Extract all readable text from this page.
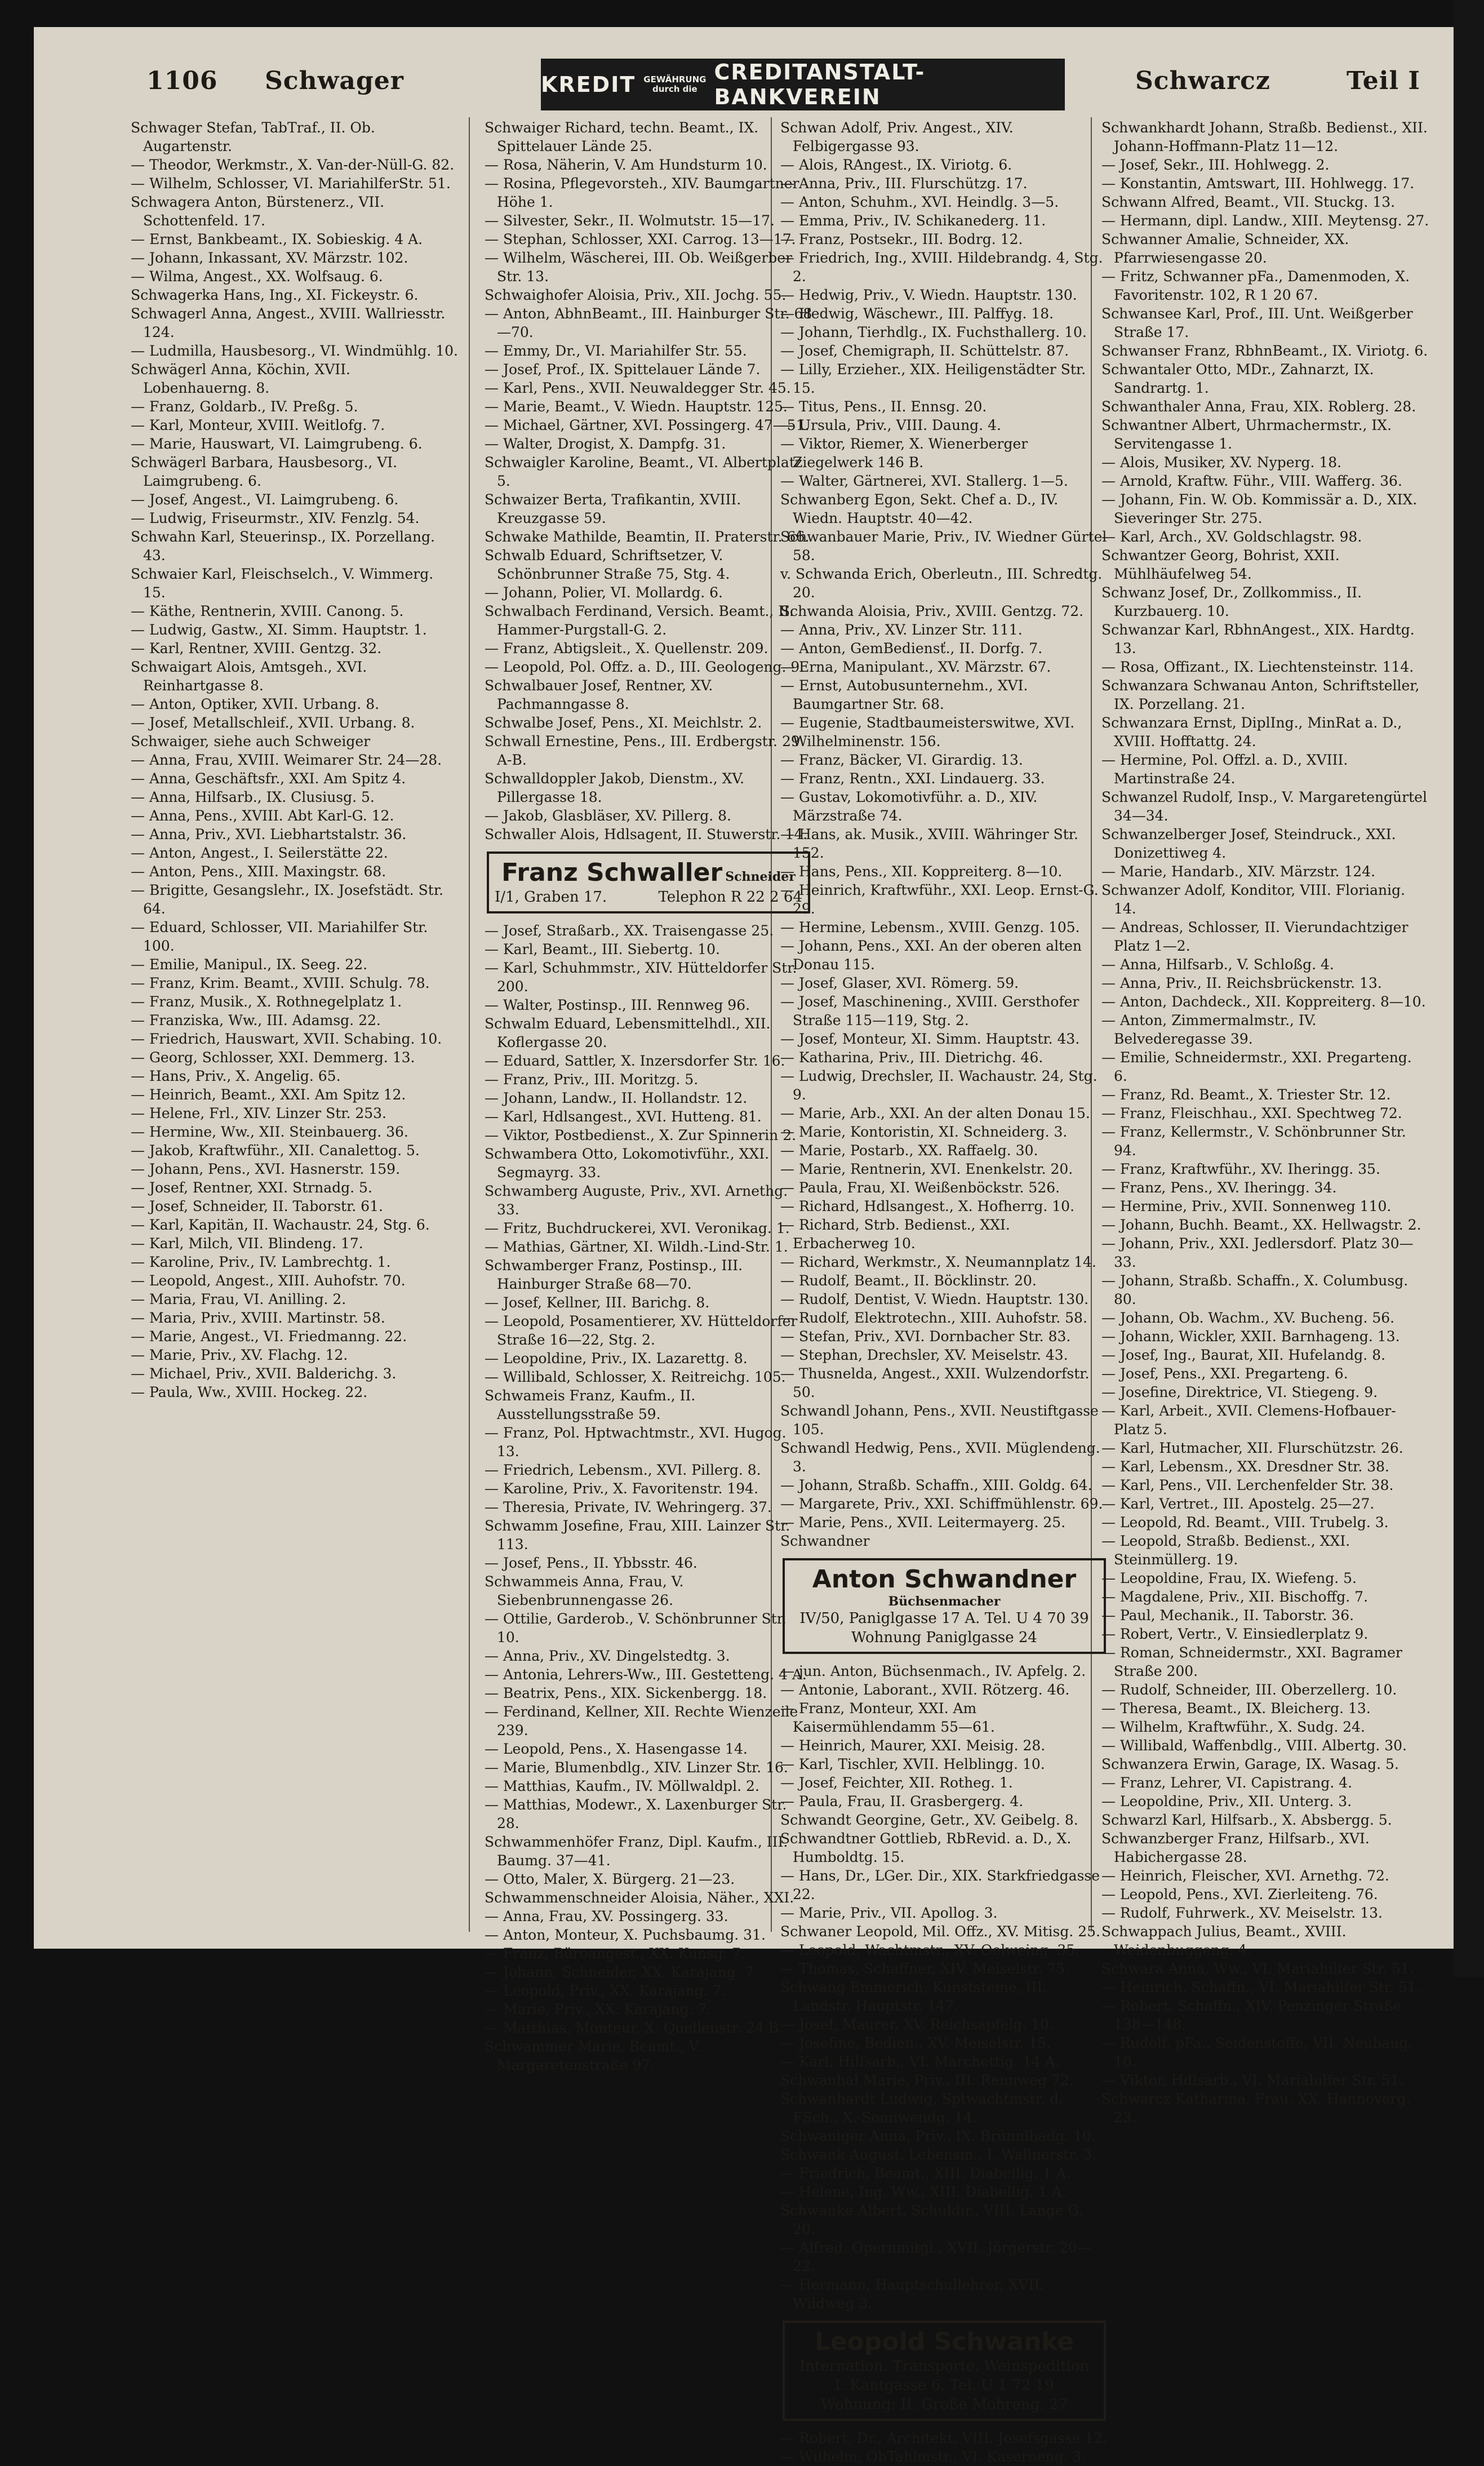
1106 Schwager	KREDIT GEWÄHRUNG
durch die
CREDITANSTALT-BANKVEREIN
Schwarcz	Teil I

Schwager Stefan, TabTraf., II. Ob. Augartenstr.

— Theodor, Werkmstr., X. Van-der-Nüll-G. 82.

— Wilhelm, Schlosser, VI. MariahilferStr. 51.

Schwagera Anton, Bürstenerz., VII. Schottenfeld. 17.

— Ernst, Bankbeamt., IX. Sobieskig. 4 A.

— Johann, Inkassant, XV. Märzstr. 102.

— Wilma, Angest., XX. Wolfsaug. 6.

Schwagerka Hans, Ing., XI. Fickeystr. 6.

Schwagerl Anna, Angest., XVIII. Wallriesstr. 124.

— Ludmilla, Hausbesorg., VI. Windmühlg. 10.

Schwägerl Anna, Köchin, XVII. Lobenhauerng. 8.

— Franz, Goldarb., IV. Preßg. 5.

— Karl, Monteur, XVIII. Weitlofg. 7.

— Marie, Hauswart, VI. Laimgrubeng. 6.

Schwägerl Barbara, Hausbesorg., VI. Laimgrubeng. 6.

— Josef, Angest., VI. Laimgrubeng. 6.

— Ludwig, Friseurmstr., XIV. Fenzlg. 54.

Schwahn Karl, Steuerinsp., IX. Porzellang. 43.

Schwaier Karl, Fleischselch., V. Wimmerg. 15.

— Käthe, Rentnerin, XVIII. Canong. 5.

— Ludwig, Gastw., XI. Simm. Hauptstr. 1.

— Karl, Rentner, XVIII. Gentzg. 32.

Schwaigart Alois, Amtsgeh., XVI. Reinhartgasse 8.

— Anton, Optiker, XVII. Urbang. 8.

— Josef, Metallschleif., XVII. Urbang. 8.

Schwaiger, siehe auch Schweiger

— Anna, Frau, XVIII. Weimarer Str. 24—28.

— Anna, Geschäftsfr., XXI. Am Spitz 4.

— Anna, Hilfsarb., IX. Clusiusg. 5.

— Anna, Pens., XVIII. Abt Karl-G. 12.

— Anna, Priv., XVI. Liebhartstalstr. 36.

— Anton, Angest., I. Seilerstätte 22.

— Anton, Pens., XIII. Maxingstr. 68.

— Brigitte, Gesangslehr., IX. Josefstädt. Str. 64.

— Eduard, Schlosser, VII. Mariahilfer Str. 100.

— Emilie, Manipul., IX. Seeg. 22.

— Franz, Krim. Beamt., XVIII. Schulg. 78.

— Franz, Musik., X. Rothnegelplatz 1.

— Franziska, Ww., III. Adamsg. 22.

— Friedrich, Hauswart, XVII. Schabing. 10.

— Georg, Schlosser, XXI. Demmerg. 13.

— Hans, Priv., X. Angelig. 65.

— Heinrich, Beamt., XXI. Am Spitz 12.

— Helene, Frl., XIV. Linzer Str. 253.

— Hermine, Ww., XII. Steinbauerg. 36.

— Jakob, Kraftwführ., XII. Canalettog. 5.

— Johann, Pens., XVI. Hasnerstr. 159.

— Josef, Rentner, XXI. Strnadg. 5.

— Josef, Schneider, II. Taborstr. 61.

— Karl, Kapitän, II. Wachaustr. 24, Stg. 6.

— Karl, Milch, VII. Blindeng. 17.

— Karoline, Priv., IV. Lambrechtg. 1.

— Leopold, Angest., XIII. Auhofstr. 70.

— Maria, Frau, VI. Anilling. 2.

— Maria, Priv., XVIII. Martinstr. 58.

— Marie, Angest., VI. Friedmanng. 22.

— Marie, Priv., XV. Flachg. 12.

— Michael, Priv., XVII. Balderichg. 3.

— Paula, Ww., XVIII. Hockeg. 22.

Schwaiger Richard, techn. Beamt., IX. Spittelauer Lände 25.

— Rosa, Näherin, V. Am Hundsturm 10.

— Rosina, Pflegevorsteh., XIV. Baumgartner Höhe 1.

— Silvester, Sekr., II. Wolmutstr. 15—17.

— Stephan, Schlosser, XXI. Carrog. 13—17.

— Wilhelm, Wäscherei, III. Ob. Weißgerber Str. 13.

Schwaighofer Aloisia, Priv., XII. Jochg. 55.

— Anton, AbhnBeamt., III. Hainburger Str. 68—70.

— Emmy, Dr., VI. Mariahilfer Str. 55.

— Josef, Prof., IX. Spittelauer Lände 7.

— Karl, Pens., XVII. Neuwaldegger Str. 45.

— Marie, Beamt., V. Wiedn. Hauptstr. 125.

— Michael, Gärtner, XVI. Possingerg. 47—51.

— Walter, Drogist, X. Dampfg. 31.

Schwaigler Karoline, Beamt., VI. Albertplatz 5.

Schwaizer Berta, Trafikantin, XVIII. Kreuzgasse 59.

Schwake Mathilde, Beamtin, II. Praterstr. 66.

Schwalb Eduard, Schriftsetzer, V. Schönbrunner Straße 75, Stg. 4.

— Johann, Polier, VI. Mollardg. 6.

Schwalbach Ferdinand, Versich. Beamt., II. Hammer-Purgstall-G. 2.

— Franz, Abtigsleit., X. Quellenstr. 209.

— Leopold, Pol. Offz. a. D., III. Geologeng. 9.

Schwalbauer Josef, Rentner, XV. Pachmanngasse 8.

Schwalbe Josef, Pens., XI. Meichlstr. 2.

Schwall Ernestine, Pens., III. Erdbergstr. 29 A-B.

Schwalldoppler Jakob, Dienstm., XV. Pillergasse 18.

— Jakob, Glasbläser, XV. Pillerg. 8.

Schwaller Alois, Hdlsagent, II. Stuwerstr. 14.

Franz Schwaller Schneider
I/1, Graben 17.	Telephon R 22 2 64

— Josef, Straßarb., XX. Traisengasse 25.

— Karl, Beamt., III. Siebertg. 10.

— Karl, Schuhmmstr., XIV. Hütteldorfer Str. 200.

— Walter, Postinsp., III. Rennweg 96.

Schwalm Eduard, Lebensmittelhdl., XII. Koflergasse 20.

— Eduard, Sattler, X. Inzersdorfer Str. 16.

— Franz, Priv., III. Moritzg. 5.

— Johann, Landw., II. Hollandstr. 12.

— Karl, Hdlsangest., XVI. Hutteng. 81.

— Viktor, Postbedienst., X. Zur Spinnerin 2.

Schwambera Otto, Lokomotivführ., XXI. Segmayrg. 33.

Schwamberg Auguste, Priv., XVI. Arnethg. 33.

— Fritz, Buchdruckerei, XVI. Veronikag. 1.

— Mathias, Gärtner, XI. Wildh.-Lind-Str. 1.

Schwamberger Franz, Postinsp., III. Hainburger Straße 68—70.

— Josef, Kellner, III. Barichg. 8.

— Leopold, Posamentierer, XV. Hütteldorfer Straße 16—22, Stg. 2.

— Leopoldine, Priv., IX. Lazarettg. 8.

— Willibald, Schlosser, X. Reitreichg. 105.

Schwameis Franz, Kaufm., II. Ausstellungsstraße 59.

— Franz, Pol. Hptwachtmstr., XVI. Hugog. 13.

— Friedrich, Lebensm., XVI. Pillerg. 8.

— Karoline, Priv., X. Favoritenstr. 194.

— Theresia, Private, IV. Wehringerg. 37.

Schwamm Josefine, Frau, XIII. Lainzer Str. 113.

— Josef, Pens., II. Ybbsstr. 46.

Schwammeis Anna, Frau, V. Siebenbrunnengasse 26.

— Ottilie, Garderob., V. Schönbrunner Str. 10.

— Anna, Priv., XV. Dingelstedtg. 3.

— Antonia, Lehrers-Ww., III. Gestetteng. 4 A.

— Beatrix, Pens., XIX. Sickenbergg. 18.

— Ferdinand, Kellner, XII. Rechte Wienzeile 239.

— Leopold, Pens., X. Hasengasse 14.

— Marie, Blumenbdlg., XIV. Linzer Str. 16.

— Matthias, Kaufm., IV. Möllwaldpl. 2.

— Matthias, Modewr., X. Laxenburger Str. 28.

Schwammenhöfer Franz, Dipl. Kaufm., III. Baumg. 37—41.

— Otto, Maler, X. Bürgerg. 21—23.

Schwammenschneider Aloisia, Näher., XXI.

— Anna, Frau, XV. Possingerg. 33.

— Anton, Monteur, X. Puchsbaumg. 31.

— Franz, Büroangest., XX. Kunsg. 7.

— Johann, Schneider, XX. Karajang. 7.

— Leopold, Priv., XX. Karajang. 7.

— Marie, Priv., XX. Karajang. 7.

— Matthias, Monteur, X. Quellenstr. 24 B.

Schwammer Marie, Beamt., V. Margaretenstraße 97.

Schwan Adolf, Priv. Angest., XIV. Felbigergasse 93.

— Alois, RAngest., IX. Viriotg. 6.

— Anna, Priv., III. Flurschützg. 17.

— Anton, Schuhm., XVI. Heindlg. 3—5.

— Emma, Priv., IV. Schikanederg. 11.

— Franz, Postsekr., III. Bodrg. 12.

— Friedrich, Ing., XVIII. Hildebrandg. 4, Stg. 2.

— Hedwig, Priv., V. Wiedn. Hauptstr. 130.

— Hedwig, Wäschewr., III. Palffyg. 18.

— Johann, Tierhdlg., IX. Fuchsthallerg. 10.

— Josef, Chemigraph, II. Schüttelstr. 87.

— Lilly, Erzieher., XIX. Heiligenstädter Str. 15.

— Titus, Pens., II. Ennsg. 20.

— Ursula, Priv., VIII. Daung. 4.

— Viktor, Riemer, X. Wienerberger Ziegelwerk 146 B.

— Walter, Gärtnerei, XVI. Stallerg. 1—5.

Schwanberg Egon, Sekt. Chef a. D., IV. Wiedn. Hauptstr. 40—42.

Schwanbauer Marie, Priv., IV. Wiedner Gürtel 58.

v. Schwanda Erich, Oberleutn., III. Schredtg. 20.

Schwanda Aloisia, Priv., XVIII. Gentzg. 72.

— Anna, Priv., XV. Linzer Str. 111.

— Anton, GemBediensť., II. Dorfg. 7.

— Erna, Manipulant., XV. Märzstr. 67.

— Ernst, Autobusunternehm., XVI. Baumgartner Str. 68.

— Eugenie, Stadtbaumeisterswitwe, XVI. Wilhelminenstr. 156.

— Franz, Bäcker, VI. Girardig. 13.

— Franz, Rentn., XXI. Lindauerg. 33.

— Gustav, Lokomotivführ. a. D., XIV. Märzstraße 74.

— Hans, ak. Musik., XVIII. Währinger Str. 152.

— Hans, Pens., XII. Koppreiterg. 8—10.

— Heinrich, Kraftwführ., XXI. Leop. Ernst-G. 29.

— Hermine, Lebensm., XVIII. Genzg. 105.

— Johann, Pens., XXI. An der oberen alten Donau 115.

— Josef, Glaser, XVI. Römerg. 59.

— Josef, Maschinening., XVIII. Gersthofer Straße 115—119, Stg. 2.

— Josef, Monteur, XI. Simm. Hauptstr. 43.

— Katharina, Priv., III. Dietrichg. 46.

— Ludwig, Drechsler, II. Wachaustr. 24, Stg. 9.

— Marie, Arb., XXI. An der alten Donau 15.

— Marie, Kontoristin, XI. Schneiderg. 3.

— Marie, Postarb., XX. Raffaelg. 30.

— Marie, Rentnerin, XVI. Enenkelstr. 20.

— Paula, Frau, XI. Weißenböckstr. 526.

— Richard, Hdlsangest., X. Hofherrg. 10.

— Richard, Strb. Bedienst., XXI. Erbacherweg 10.

— Richard, Werkmstr., X. Neumannplatz 14.

— Rudolf, Beamt., II. Böcklinstr. 20.

— Rudolf, Dentist, V. Wiedn. Hauptstr. 130.

— Rudolf, Elektrotechn., XIII. Auhofstr. 58.

— Stefan, Priv., XVI. Dornbacher Str. 83.

— Stephan, Drechsler, XV. Meiselstr. 43.

— Thusnelda, Angest., XXII. Wulzendorfstr. 50.

Schwandl Johann, Pens., XVII. Neustiftgasse 105.

Schwandl Hedwig, Pens., XVII. Müglendeng. 3.

— Johann, Straßb. Schaffn., XIII. Goldg. 64.

— Margarete, Priv., XXI. Schiffmühlenstr. 69.

— Marie, Pens., XVII. Leitermayerg. 25.

Schwandner

Anton Schwandner
Büchsenmacher
IV/50, Paniglgasse 17 A. Tel. U 4 70 39
Wohnung Paniglgasse 24

— jun. Anton, Büchsenmach., IV. Apfelg. 2.

— Antonie, Laborant., XVII. Rötzerg. 46.

— Franz, Monteur, XXI. Am Kaisermühlendamm 55—61.

— Heinrich, Maurer, XXI. Meisig. 28.

— Karl, Tischler, XVII. Helblingg. 10.

— Josef, Feichter, XII. Rotheg. 1.

— Paula, Frau, II. Grasbergerg. 4.

Schwandt Georgine, Getr., XV. Geibelg. 8.

Schwandtner Gottlieb, RbRevid. a. D., X. Humboldtg. 15.

— Hans, Dr., LGer. Dir., XIX. Starkfriedgasse 22.

— Marie, Priv., VII. Apollog. 3.

Schwaner Leopold, Mil. Offz., XV. Mitisg. 25.

— Leopold, Wachtmstr., XV. Oelweing. 35.

— Thomas, Schaffner, XIV. Meiselstr. 75.

Schwang Emmerich, Kunststeine, III. Landstr. Hauptstr. 147.

— Josef, Maurer, XV. Reichsapfelg. 10.

— Josefine, Bedien., XV. Meiselstr. 15.

— Karl, Hilfsarb., VI. Marchettig. 14 A.

Schwanhal Marie, Priv., III. Rennweg 72.

Schwanhardt Ludwig, Sptwachtmstr. d. FSch., X. Sonnwendg. 14.

Schwaniger Anna, Priv., IX. Brünnlbadg. 10.

Schwank August, Lebensm., I. Wallnerstr. 3.

— Friedrich, Beamt., XIII. Diabellig. 1 A.

— Helene, Ing. Ww., XIII. Diabellig. 1 A.

Schwanke Albert, Schuldir., VIII. Lange G. 20.

— Alfred, Opernmitgl., XVII. Jörgerstr. 20—22.

— Hermann, Hauptschullehrer, XVII. Wildweg 3.

Leopold Schwanke
Internation. Transporte, Weinspedition
I. Kantgasse 6. Tel. U 1 72 19
Wohnung: II. Große Mohreng. 27

— Robert, Dr., Architekt, VIII. Josefsgasse 12.

— Wilhelm, ObTahlmstr., VI. Kaserneng. 3.

Schwankhardt Johann, Straßb. Bedienst., XII. Johann-Hoffmann-Platz 11—12.

— Josef, Sekr., III. Hohlwegg. 2.

— Konstantin, Amtswart, III. Hohlwegg. 17.

Schwann Alfred, Beamt., VII. Stuckg. 13.

— Hermann, dipl. Landw., XIII. Meytensg. 27.

Schwanner Amalie, Schneider, XX. Pfarrwiesengasse 20.

— Fritz, Schwanner pFa., Damenmoden, X. Favoritenstr. 102, R 1 20 67.

Schwansee Karl, Prof., III. Unt. Weißgerber Straße 17.

Schwanser Franz, RbhnBeamt., IX. Viriotg. 6.

Schwantaler Otto, MDr., Zahnarzt, IX. Sandrartg. 1.

Schwanthaler Anna, Frau, XIX. Roblerg. 28.

Schwantner Albert, Uhrmachermstr., IX. Servitengasse 1.

— Alois, Musiker, XV. Nyperg. 18.

— Arnold, Kraftw. Führ., VIII. Wafferg. 36.

— Johann, Fin. W. Ob. Kommissär a. D., XIX. Sieveringer Str. 275.

— Karl, Arch., XV. Goldschlagstr. 98.

Schwantzer Georg, Bohrist, XXII. Mühlhäufelweg 54.

Schwanz Josef, Dr., Zollkommiss., II. Kurzbauerg. 10.

Schwanzar Karl, RbhnAngest., XIX. Hardtg. 13.

— Rosa, Offizant., IX. Liechtensteinstr. 114.

Schwanzara Schwanau Anton, Schriftsteller, IX. Porzellang. 21.

Schwanzara Ernst, DiplIng., MinRat a. D., XVIII. Hofftattg. 24.

— Hermine, Pol. Offzl. a. D., XVIII. Martinstraße 24.

Schwanzel Rudolf, Insp., V. Margaretengürtel 34—34.

Schwanzelberger Josef, Steindruck., XXI. Donizettiweg 4.

— Marie, Handarb., XIV. Märzstr. 124.

Schwanzer Adolf, Konditor, VIII. Florianig. 14.

— Andreas, Schlosser, II. Vierundachtziger Platz 1—2.

— Anna, Hilfsarb., V. Schloßg. 4.

— Anna, Priv., II. Reichsbrückenstr. 13.

— Anton, Dachdeck., XII. Koppreiterg. 8—10.

— Anton, Zimmermalmstr., IV. Belvederegasse 39.

— Emilie, Schneidermstr., XXI. Pregarteng. 6.

— Franz, Rd. Beamt., X. Triester Str. 12.

— Franz, Fleischhau., XXI. Spechtweg 72.

— Franz, Kellermstr., V. Schönbrunner Str. 94.

— Franz, Kraftwführ., XV. Iheringg. 35.

— Franz, Pens., XV. Iheringg. 34.

— Hermine, Priv., XVII. Sonnenweg 110.

— Johann, Buchh. Beamt., XX. Hellwagstr. 2.

— Johann, Priv., XXI. Jedlersdorf. Platz 30—33.

— Johann, Straßb. Schaffn., X. Columbusg. 80.

— Johann, Ob. Wachm., XV. Bucheng. 56.

— Johann, Wickler, XXII. Barnhageng. 13.

— Josef, Ing., Baurat, XII. Hufelandg. 8.

— Josef, Pens., XXI. Pregarteng. 6.

— Josefine, Direktrice, VI. Stiegeng. 9.

— Karl, Arbeit., XVII. Clemens-Hofbauer-Platz 5.

— Karl, Hutmacher, XII. Flurschützstr. 26.

— Karl, Lebensm., XX. Dresdner Str. 38.

— Karl, Pens., VII. Lerchenfelder Str. 38.

— Karl, Vertret., III. Apostelg. 25—27.

— Leopold, Rd. Beamt., VIII. Trubelg. 3.

— Leopold, Straßb. Bedienst., XXI. Steinmüllerg. 19.

— Leopoldine, Frau, IX. Wiefeng. 5.

— Magdalene, Priv., XII. Bischoffg. 7.

— Paul, Mechanik., II. Taborstr. 36.

— Robert, Vertr., V. Einsiedlerplatz 9.

— Roman, Schneidermstr., XXI. Bagramer Straße 200.

— Rudolf, Schneider, III. Oberzellerg. 10.

— Theresa, Beamt., IX. Bleicherg. 13.

— Wilhelm, Kraftwführ., X. Sudg. 24.

— Willibald, Waffenbdlg., VIII. Albertg. 30.

Schwanzera Erwin, Garage, IX. Wasag. 5.

— Franz, Lehrer, VI. Capistrang. 4.

— Leopoldine, Priv., XII. Unterg. 3.

Schwarzl Karl, Hilfsarb., X. Absbergg. 5.

Schwanzberger Franz, Hilfsarb., XVI. Habichergasse 28.

— Heinrich, Fleischer, XVI. Arnethg. 72.

— Leopold, Pens., XVI. Zierleiteng. 76.

— Rudolf, Fuhrwerk., XV. Meiselstr. 13.

Schwappach Julius, Beamt., XVIII. Weidenbuggeng. 4.

Schwara Anna, Ww., VI. Mariahilfer Str. 51.

— Heinrich, Schaffn., VI. Mariahilfer Str. 51.

— Robert, Schaffn., XIV. Penzinger Straße 138—148.

— Rudolf, pFa., Seidenstoffe, VII. Neubaug. 10.

— Viktor, Hdlsarb., VI. Mariahilfer Str. 51.

Schwarcz Katharina, Frau, XX. Hannoverg. 23.
